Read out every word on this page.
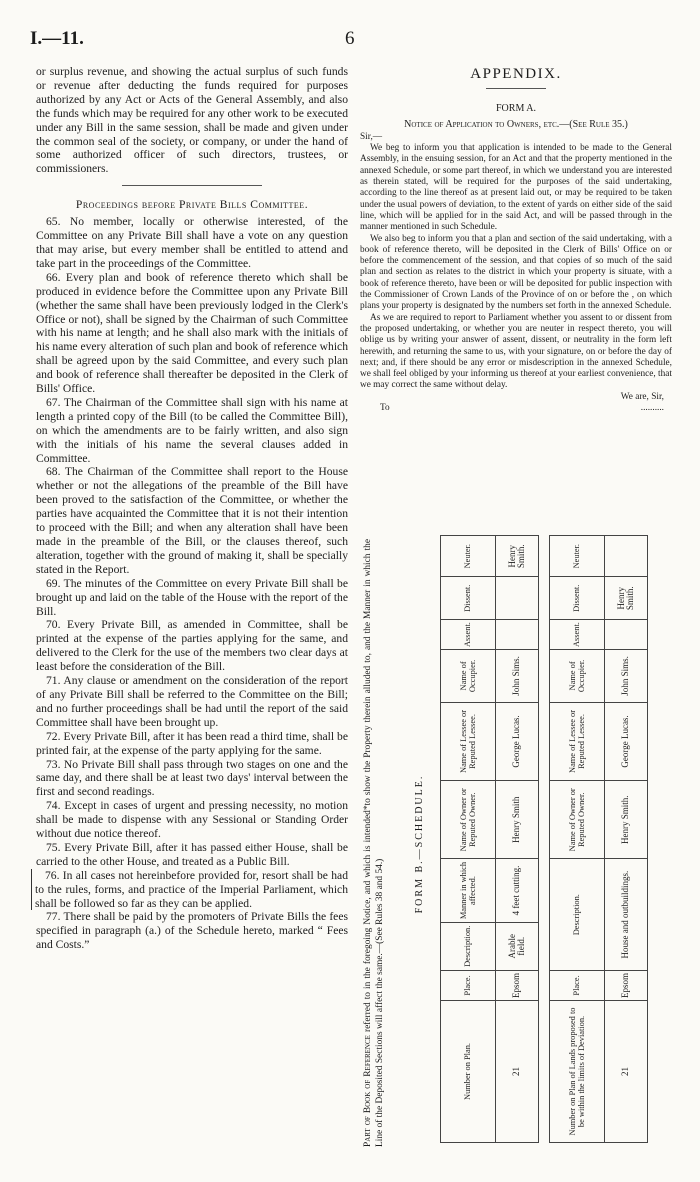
I.—11.	6

or surplus revenue, and showing the actual surplus of such funds or revenue after deducting the funds required for purposes authorized by any Act or Acts of the General Assembly, and also the funds which may be required for any other work to be executed under any Bill in the same session, shall be made and given under the common seal of the society, or company, or under the hand of some authorized officer of such directors, trustees, or commissioners.

Proceedings before Private Bills Committee.

65. No member, locally or otherwise interested, of the Committee on any Private Bill shall have a vote on any question that may arise, but every member shall be entitled to attend and take part in the proceedings of the Committee.

66. Every plan and book of reference thereto which shall be produced in evidence before the Committee upon any Private Bill (whether the same shall have been previously lodged in the Clerk's Office or not), shall be signed by the Chairman of such Committee with his name at length; and he shall also mark with the initials of his name every alteration of such plan and book of reference which shall be agreed upon by the said Committee, and every such plan and book of reference shall thereafter be deposited in the Clerk of Bills' Office.

67. The Chairman of the Committee shall sign with his name at length a printed copy of the Bill (to be called the Committee Bill), on which the amendments are to be fairly written, and also sign with the initials of his name the several clauses added in Committee.

68. The Chairman of the Committee shall report to the House whether or not the allegations of the preamble of the Bill have been proved to the satisfaction of the Committee, or whether the parties have acquainted the Committee that it is not their intention to proceed with the Bill; and when any alteration shall have been made in the preamble of the Bill, or the clauses thereof, such alteration, together with the ground of making it, shall be specially stated in the Report.

69. The minutes of the Committee on every Private Bill shall be brought up and laid on the table of the House with the report of the Bill.

70. Every Private Bill, as amended in Committee, shall be printed at the expense of the parties applying for the same, and delivered to the Clerk for the use of the members two clear days at least before the consideration of the Bill.

71. Any clause or amendment on the consideration of the report of any Private Bill shall be referred to the Committee on the Bill; and no further proceedings shall be had until the report of the said Committee shall have been brought up.

72. Every Private Bill, after it has been read a third time, shall be printed fair, at the expense of the party applying for the same.

73. No Private Bill shall pass through two stages on one and the same day, and there shall be at least two days' interval between the first and second readings.

74. Except in cases of urgent and pressing necessity, no motion shall be made to dispense with any Sessional or Standing Order without due notice thereof.

75. Every Private Bill, after it has passed either House, shall be carried to the other House, and treated as a Public Bill.

76. In all cases not hereinbefore provided for, resort shall be had to the rules, forms, and practice of the Imperial Parliament, which shall be followed so far as they can be applied.

77. There shall be paid by the promoters of Private Bills the fees specified in paragraph (a.) of the Schedule hereto, marked “ Fees and Costs.”

APPENDIX.
FORM A.
Notice of Application to Owners, etc.—(See Rule 35.)

Sir,—

We beg to inform you that application is intended to be made to the General Assembly, in the ensuing session, for an Act and that the property mentioned in the annexed Schedule, or some part thereof, in which we understand you are interested as therein stated, will be required for the purposes of the said undertaking, according to the line thereof as at present laid out, or may be required to be taken under the usual powers of deviation, to the extent of yards on either side of the said line, which will be applied for in the said Act, and will be passed through in the manner mentioned in such Schedule.

We also beg to inform you that a plan and section of the said undertaking, with a book of reference thereto, will be deposited in the Clerk of Bills' Office on or before the commencement of the session, and that copies of so much of the said plan and section as relates to the district in which your property is situate, with a book of reference thereto, have been or will be deposited for public inspection with the Commissioner of Crown Lands of the Province of on or before the , on which plans your property is designated by the numbers set forth in the annexed Schedule.

As we are required to report to Parliament whether you assent to or dissent from the proposed undertaking, or whether you are neuter in respect thereto, you will oblige us by writing your answer of assent, dissent, or neutrality in the form left herewith, and returning the same to us, with your signature, on or before the day of next; and, if there should be any error or misdescription in the annexed Schedule, we shall feel obliged by your informing us thereof at your earliest convenience, that we may correct the same without delay.

We are, Sir,
To	..........
Part of Book of Reference referred to in the foregoing Notice, and which is intended*to show the Property therein alluded to, and the Manner in which the Line of the Deposited Sections will affect the same.—(See Rules 38 and 54.)
FORM B.—SCHEDULE.
Number on Plan.	Place.	Description.	Manner in which affected.	Name of Owner or Reputed Owner.	Name of Lessee or Reputed Lessee.	Name of Occupier.	Assent.	Dissent.	Neuter.
21	Epsom	Arable field.	4 feet cutting.	Henry Smith	George Lucas.	John Sims.			Henry Smith.

Number on Plan of Lands proposed to be within the limits of Deviation.	Place.	Description.		Name of Owner or Reputed Owner.	Name of Lessee or Reputed Lessee.	Name of Occupier.	Assent.	Dissent.	Neuter.
21	Epsom	House and outbuildings.		Henry Smith.	George Lucas.	John Sims.		Henry Smith.	
